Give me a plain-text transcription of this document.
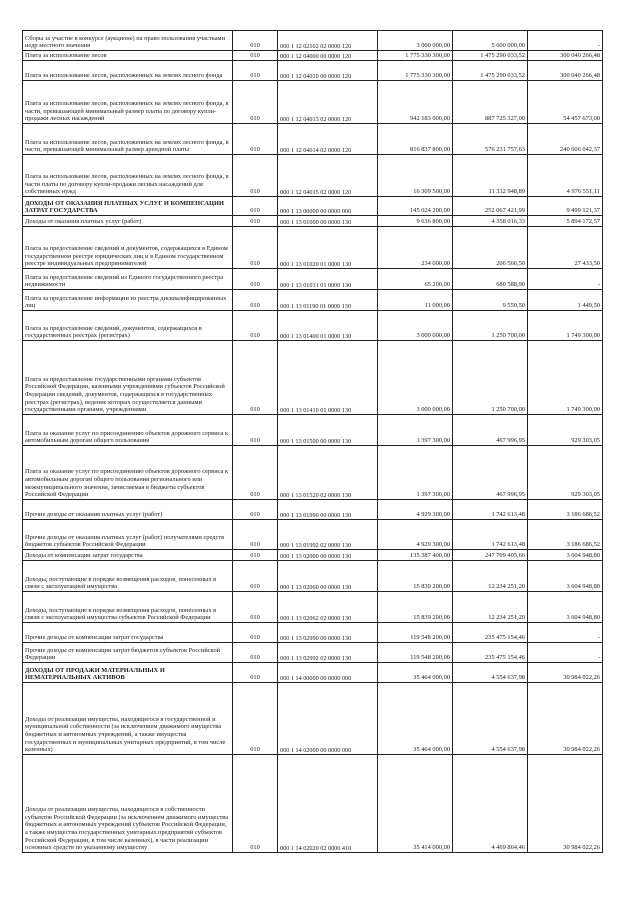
Сборы за участие в конкурсе (аукционе) на право пользования участками недр местного значения	010	000 1 12 02102 02 0000 120	3 000 000,00	5 600 000,00	-
Плата за использование лесов	010	000 1 12 04000 00 0000 120	1 775 330 300,00	1 475 290 033,52	300 040 266,48
Плата за использование лесов, расположенных на землях лесного фонда	010	000 1 12 04010 00 0000 120	1 775 330 300,00	1 475 290 033,52	300 040 266,48
Плата за использование лесов, расположенных на землях лесного фонда, в части, превышающей минимальный размер платы по договору купли-продажи лесных насаждений	010	000 1 12 04013 02 0000 120	942 183 000,00	887 725 327,00	54 457 673,00
Плата за использование лесов, расположенных на землях лесного фонда, в части, превышающей минимальный размер арендной платы	010	000 1 12 04014 02 0000 120	816 837 800,00	576 231 757,63	240 606 042,37
Плата за использование лесов, расположенных на землях лесного фонда, в части платы по договору купли-продажи лесных насаждений для собственных нужд	010	000 1 12 04015 02 0000 120	16 309 500,00	11 332 948,89	4 976 551,11
ДОХОДЫ ОТ ОКАЗАНИЯ ПЛАТНЫХ УСЛУГ И КОМПЕНСАЦИИ ЗАТРАТ ГОСУДАРСТВА	010	000 1 13 00000 00 0000 000	145 024 200,00	252 067 421,99	9 499 121,37
Доходы от оказания платных услуг (работ)	010	000 1 13 01000 00 0000 130	9 636 800,00	4 358 016,33	5 894 172,57
Плата за предоставление сведений и документов, содержащихся в Едином государственном реестре юридических лиц и в Едином государственном реестре индивидуальных предпринимателей	010	000 1 13 01020 01 0000 130	234 000,00	206 566,50	27 433,50
Плата за предоставление сведений из Единого государственного реестра недвижимости	010	000 1 13 01031 01 0000 130	65 200,00	680 588,90	-
Плата за предоставление информации из реестра дисквалифицированных лиц	010	000 1 13 01190 01 0000 130	11 000,00	9 550,50	1 449,50
Плата за предоставление сведений, документов, содержащихся в государственных реестрах (регистрах)	010	000 1 13 01400 01 0000 130	3 000 000,00	1 250 700,00	1 749 300,00
Плата за предоставление государственными органами субъектов Российской Федерации, казенными учреждениями субъектов Российской Федерации сведений, документов, содержащихся в государственных реестрах (регистрах), ведение которых осуществляется данными государственными органами, учреждениями	010	000 1 13 01410 01 0000 130	3 000 000,00	1 250 700,00	1 749 300,00
Плата за оказание услуг по присоединению объектов дорожного сервиса к автомобильным дорогам общего пользования	010	000 1 13 01500 00 0000 130	1 397 300,00	467 996,95	929 303,05
Плата за оказание услуг по присоединению объектов дорожного сервиса к автомобильным дорогам общего пользования регионального или межмуниципального значения, зачисляемая в бюджеты субъектов Российской Федерации	010	000 1 13 01520 02 0000 130	1 397 300,00	467 996,95	929 303,05
Прочие доходы от оказания платных услуг (работ)	010	000 1 13 01990 00 0000 130	4 929 300,00	1 742 613,48	3 186 686,52
Прочие доходы от оказания платных услуг (работ) получателями средств бюджетов субъектов Российской Федерации	010	000 1 13 01992 02 0000 130	4 929 300,00	1 742 613,48	3 186 686,52
Доходы от компенсации затрат государства	010	000 1 13 02000 00 0000 130	135 387 400,00	247 709 405,66	3 604 948,80
Доходы, поступающие в порядке возмещения расходов, понесенных в связи с эксплуатацией имущества	010	000 1 13 02060 00 0000 130	15 839 200,00	12 234 251,20	3 604 948,80
Доходы, поступающие в порядке возмещения расходов, понесенных в связи с эксплуатацией имущества субъектов Российской Федерации	010	000 1 13 02062 02 0000 130	15 839 200,00	12 234 251,20	3 604 948,80
Прочие доходы от компенсации затрат государства	010	000 1 13 02990 00 0000 130	119 548 200,00	235 475 154,46	-
Прочие доходы от компенсации затрат бюджетов субъектов Российской Федерации	010	000 1 13 02992 02 0000 130	119 548 200,00	235 475 154,46	-
ДОХОДЫ ОТ ПРОДАЖИ МАТЕРИАЛЬНЫХ И НЕМАТЕРИАЛЬНЫХ АКТИВОВ	010	000 1 14 00000 00 0000 000	35 464 000,00	4 554 637,98	30 984 022,26
Доходы от реализации имущества, находящегося в государственной и муниципальной собственности (за исключением движимого имущества бюджетных и автономных учреждений, а также имущества государственных и муниципальных унитарных предприятий, в том числе казенных)	010	000 1 14 02000 00 0000 000	35 464 000,00	4 554 637,98	30 984 022,26
Доходы от реализации имущества, находящегося в собственности субъектов Российской Федерации (за исключением движимого имущества бюджетных и автономных учреждений субъектов Российской Федерации, а также имущества государственных унитарных предприятий субъектов Российской Федерации, в том числе казенных), в части реализации основных средств по указанному имуществу	010	000 1 14 02020 02 0000 410	35 414 000,00	4 469 864,46	30 984 022,26
